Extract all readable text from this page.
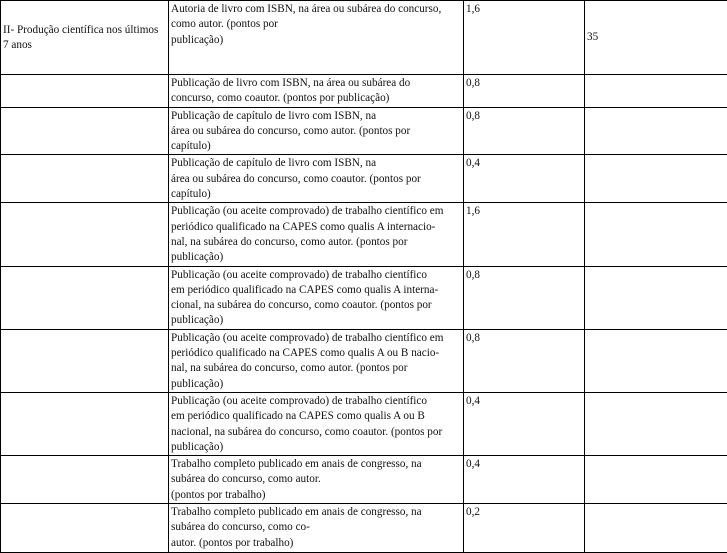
II- Produção científica nos últimos 7 anos	Autoria de livro com ISBN, na área ou subárea do concurso,
como autor. (pontos por
publicação)	1,6	35

	Publicação de livro com ISBN, na área ou subárea do
concurso, como coautor. (pontos por publicação)	0,8	

	Publicação de capítulo de livro com ISBN, na
área ou subárea do concurso, como autor. (pontos por
capítulo)	0,8	

	Publicação de capítulo de livro com ISBN, na
área ou subárea do concurso, como coautor. (pontos por
capítulo)	0,4	

	Publicação (ou aceite comprovado) de trabalho científico em
periódico qualificado na CAPES como qualis A internacio-
nal, na subárea do concurso, como autor. (pontos por
publicação)	1,6	

	Publicação (ou aceite comprovado) de trabalho científico
em periódico qualificado na CAPES como qualis A interna-
cional, na subárea do concurso, como coautor. (pontos por
publicação)	0,8	

	Publicação (ou aceite comprovado) de trabalho científico em
periódico qualificado na CAPES como qualis A ou B nacio-
nal, na subárea do concurso, como autor. (pontos por
publicação)	0,8	

	Publicação (ou aceite comprovado) de trabalho científico
em periódico qualificado na CAPES como qualis A ou B
nacional, na subárea do concurso, como coautor. (pontos por
publicação)	0,4	

	Trabalho completo publicado em anais de congresso, na
subárea do concurso, como autor.
(pontos por trabalho)	0,4	

	Trabalho completo publicado em anais de congresso, na
subárea do concurso, como co-
autor. (pontos por trabalho)	0,2	
